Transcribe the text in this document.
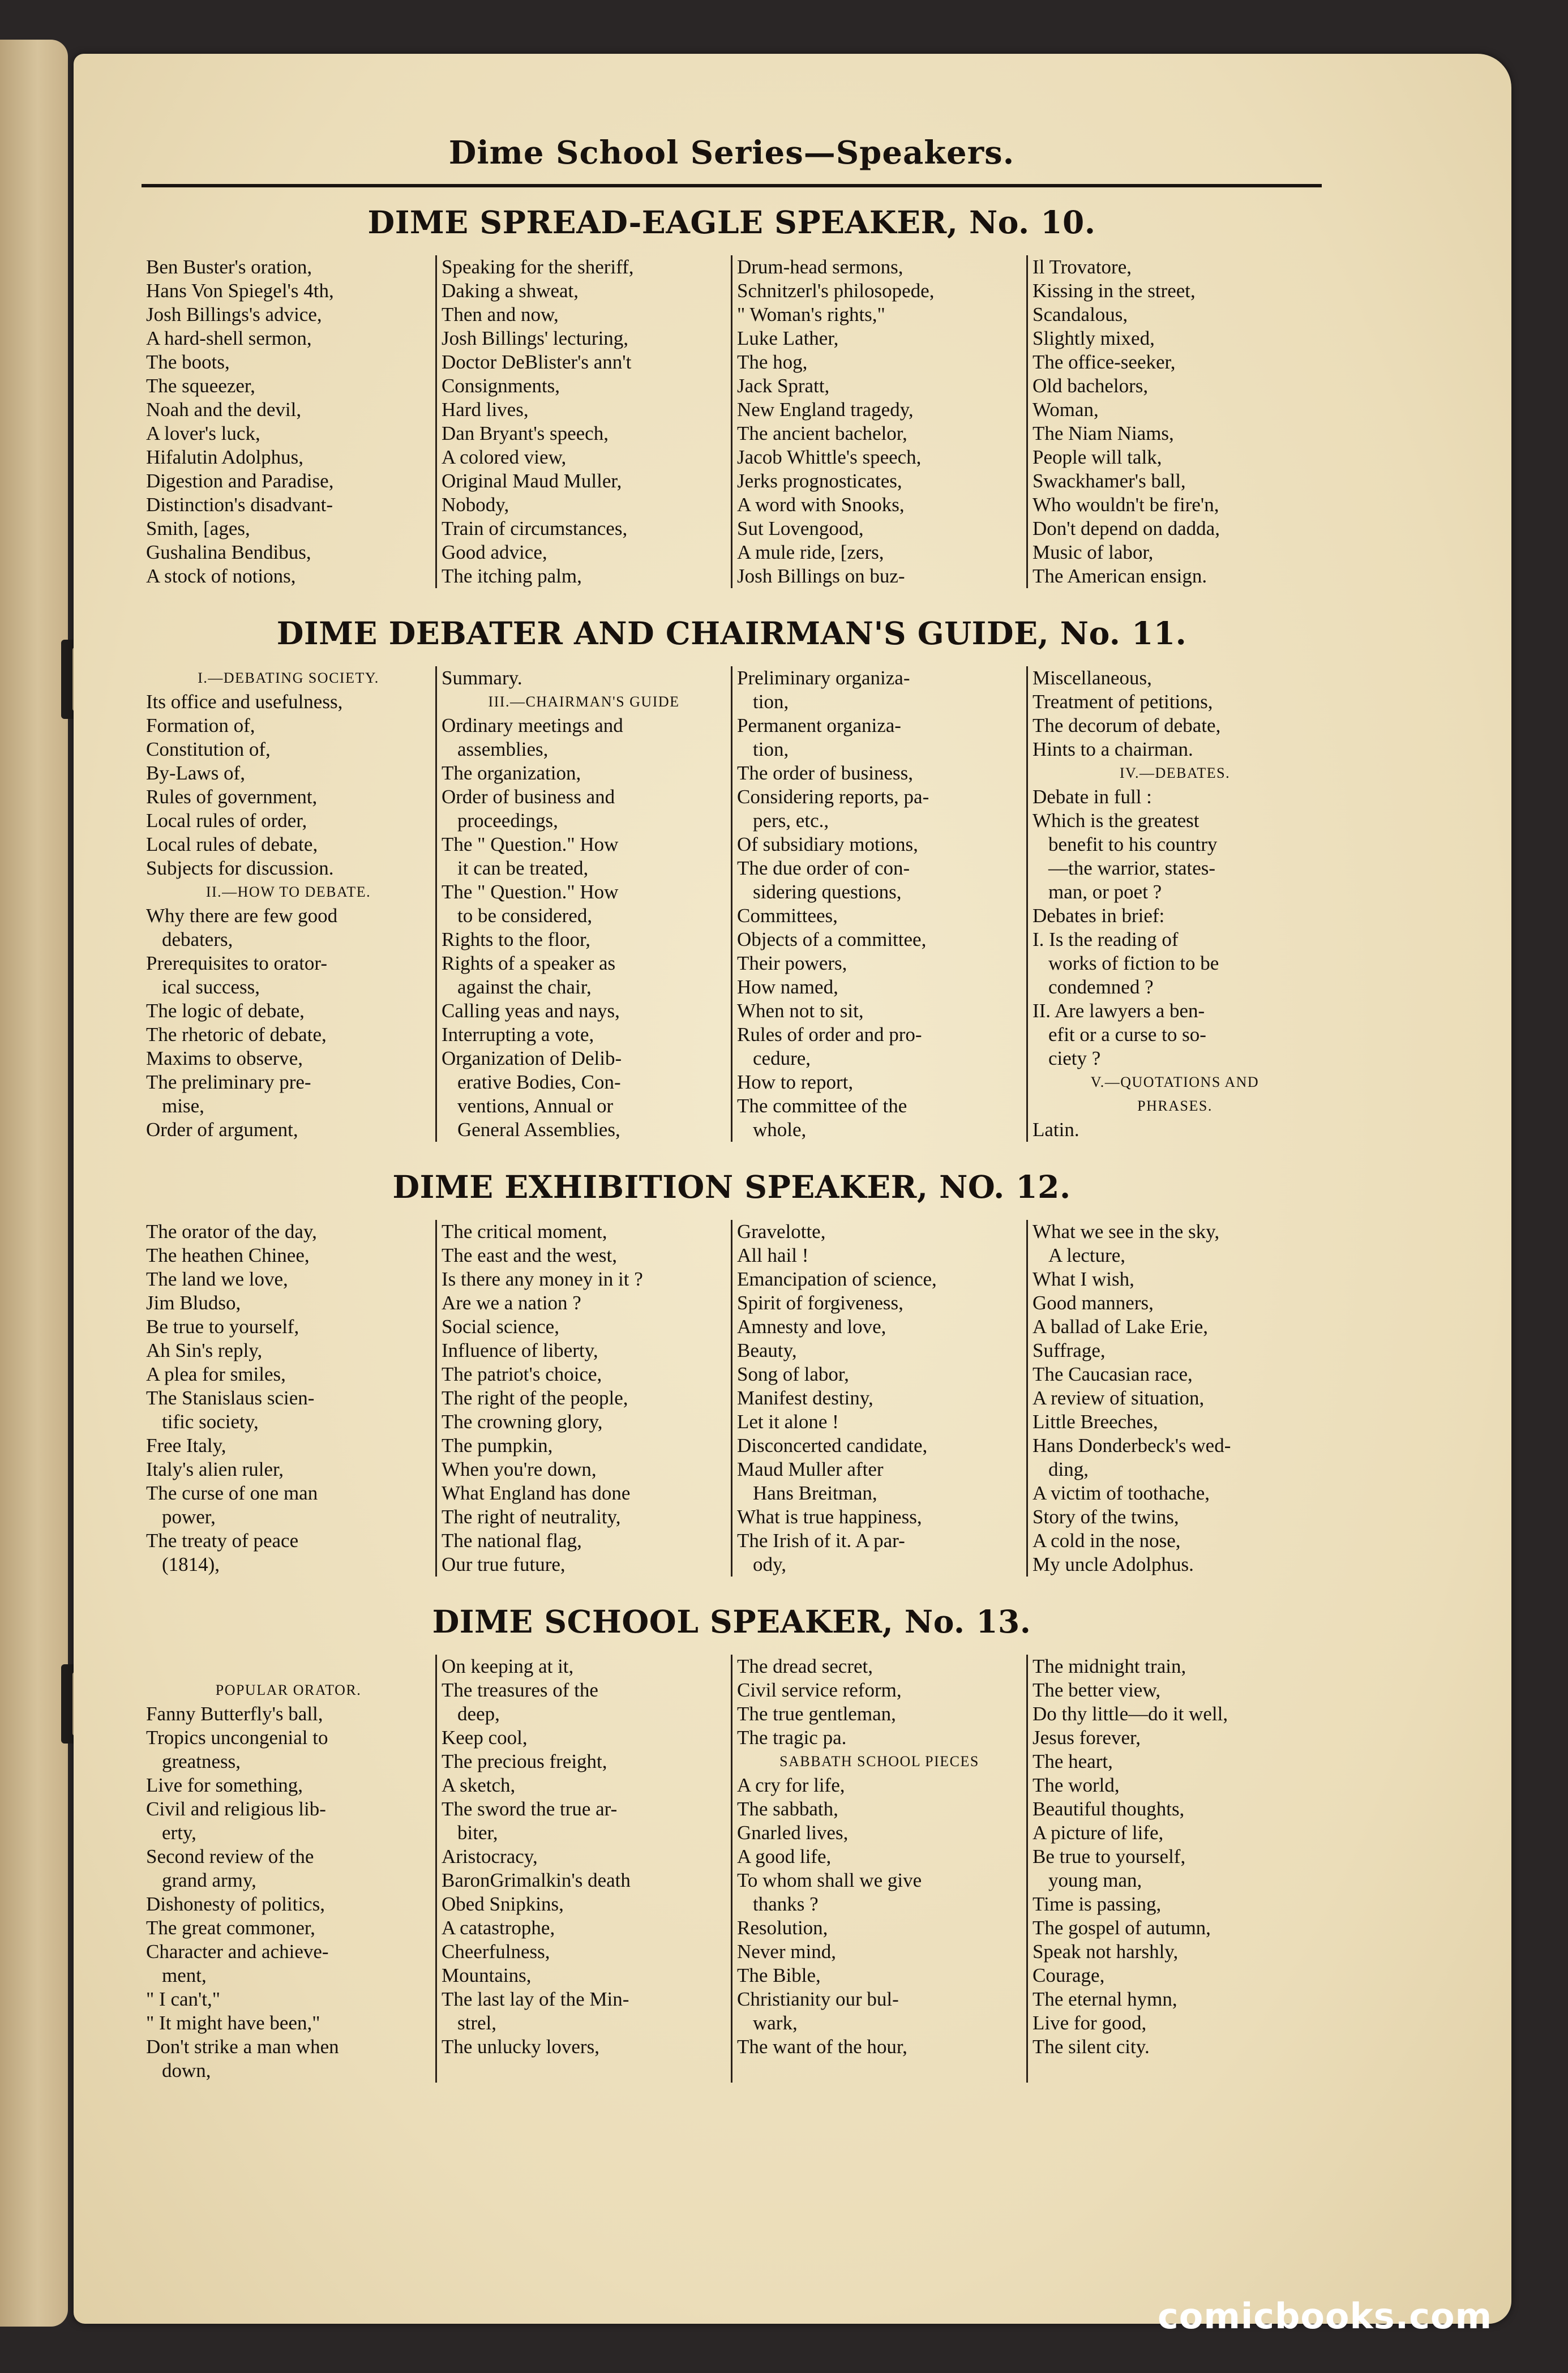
Dime School Series—Speakers.
DIME SPREAD-EAGLE SPEAKER, No. 10.
Ben Buster's oration,
Hans Von Spiegel's 4th,
Josh Billings's advice,
A hard-shell sermon,
The boots,
The squeezer,
Noah and the devil,
A lover's luck,
Hifalutin Adolphus,
Digestion and Paradise,
Distinction's disadvant-
Smith, [ages,
Gushalina Bendibus,
A stock of notions,
Speaking for the sheriff,
Daking a shweat,
Then and now,
Josh Billings' lecturing,
Doctor DeBlister's ann't
Consignments,
Hard lives,
Dan Bryant's speech,
A colored view,
Original Maud Muller,
Nobody,
Train of circumstances,
Good advice,
The itching palm,
Drum-head sermons,
Schnitzerl's philosopede,
" Woman's rights,"
Luke Lather,
The hog,
Jack Spratt,
New England tragedy,
The ancient bachelor,
Jacob Whittle's speech,
Jerks prognosticates,
A word with Snooks,
Sut Lovengood,
A mule ride, [zers,
Josh Billings on buz-
Il Trovatore,
Kissing in the street,
Scandalous,
Slightly mixed,
The office-seeker,
Old bachelors,
Woman,
The Niam Niams,
People will talk,
Swackhamer's ball,
Who wouldn't be fire'n,
Don't depend on dadda,
Music of labor,
The American ensign.
DIME DEBATER AND CHAIRMAN'S GUIDE, No. 11.
I.—DEBATING SOCIETY.
Its office and usefulness,
Formation of,
Constitution of,
By-Laws of,
Rules of government,
Local rules of order,
Local rules of debate,
Subjects for discussion.
II.—HOW TO DEBATE.
Why there are few good
debaters,
Prerequisites to orator-
ical success,
The logic of debate,
The rhetoric of debate,
Maxims to observe,
The preliminary pre-
mise,
Order of argument,
Summary.
III.—CHAIRMAN'S GUIDE
Ordinary meetings and
assemblies,
The organization,
Order of business and
proceedings,
The " Question." How
it can be treated,
The " Question." How
to be considered,
Rights to the floor,
Rights of a speaker as
against the chair,
Calling yeas and nays,
Interrupting a vote,
Organization of Delib-
erative Bodies, Con-
ventions, Annual or
General Assemblies,
Preliminary organiza-
tion,
Permanent organiza-
tion,
The order of business,
Considering reports, pa-
pers, etc.,
Of subsidiary motions,
The due order of con-
sidering questions,
Committees,
Objects of a committee,
Their powers,
How named,
When not to sit,
Rules of order and pro-
cedure,
How to report,
The committee of the
whole,
Miscellaneous,
Treatment of petitions,
The decorum of debate,
Hints to a chairman.
IV.—DEBATES.
Debate in full :
Which is the greatest
benefit to his country
—the warrior, states-
man, or poet ?
Debates in brief:
I. Is the reading of
works of fiction to be
condemned ?
II. Are lawyers a ben-
efit or a curse to so-
ciety ?
V.—QUOTATIONS AND
PHRASES.
Latin.
DIME EXHIBITION SPEAKER, NO. 12.
The orator of the day,
The heathen Chinee,
The land we love,
Jim Bludso,
Be true to yourself,
Ah Sin's reply,
A plea for smiles,
The Stanislaus scien-
tific society,
Free Italy,
Italy's alien ruler,
The curse of one man
power,
The treaty of peace
(1814),
The critical moment,
The east and the west,
Is there any money in it ?
Are we a nation ?
Social science,
Influence of liberty,
The patriot's choice,
The right of the people,
The crowning glory,
The pumpkin,
When you're down,
What England has done
The right of neutrality,
The national flag,
Our true future,
Gravelotte,
All hail !
Emancipation of science,
Spirit of forgiveness,
Amnesty and love,
Beauty,
Song of labor,
Manifest destiny,
Let it alone !
Disconcerted candidate,
Maud Muller after
Hans Breitman,
What is true happiness,
The Irish of it. A par-
ody,
What we see in the sky,
A lecture,
What I wish,
Good manners,
A ballad of Lake Erie,
Suffrage,
The Caucasian race,
A review of situation,
Little Breeches,
Hans Donderbeck's wed-
ding,
A victim of toothache,
Story of the twins,
A cold in the nose,
My uncle Adolphus.
DIME SCHOOL SPEAKER, No. 13.
POPULAR ORATOR.
Fanny Butterfly's ball,
Tropics uncongenial to
greatness,
Live for something,
Civil and religious lib-
erty,
Second review of the
grand army,
Dishonesty of politics,
The great commoner,
Character and achieve-
ment,
" I can't,"
" It might have been,"
Don't strike a man when
down,
On keeping at it,
The treasures of the
deep,
Keep cool,
The precious freight,
A sketch,
The sword the true ar-
biter,
Aristocracy,
BaronGrimalkin's death
Obed Snipkins,
A catastrophe,
Cheerfulness,
Mountains,
The last lay of the Min-
strel,
The unlucky lovers,
The dread secret,
Civil service reform,
The true gentleman,
The tragic pa.
SABBATH SCHOOL PIECES
A cry for life,
The sabbath,
Gnarled lives,
A good life,
To whom shall we give
thanks ?
Resolution,
Never mind,
The Bible,
Christianity our bul-
wark,
The want of the hour,
The midnight train,
The better view,
Do thy little—do it well,
Jesus forever,
The heart,
The world,
Beautiful thoughts,
A picture of life,
Be true to yourself,
young man,
Time is passing,
The gospel of autumn,
Speak not harshly,
Courage,
The eternal hymn,
Live for good,
The silent city.
comicbooks.com
